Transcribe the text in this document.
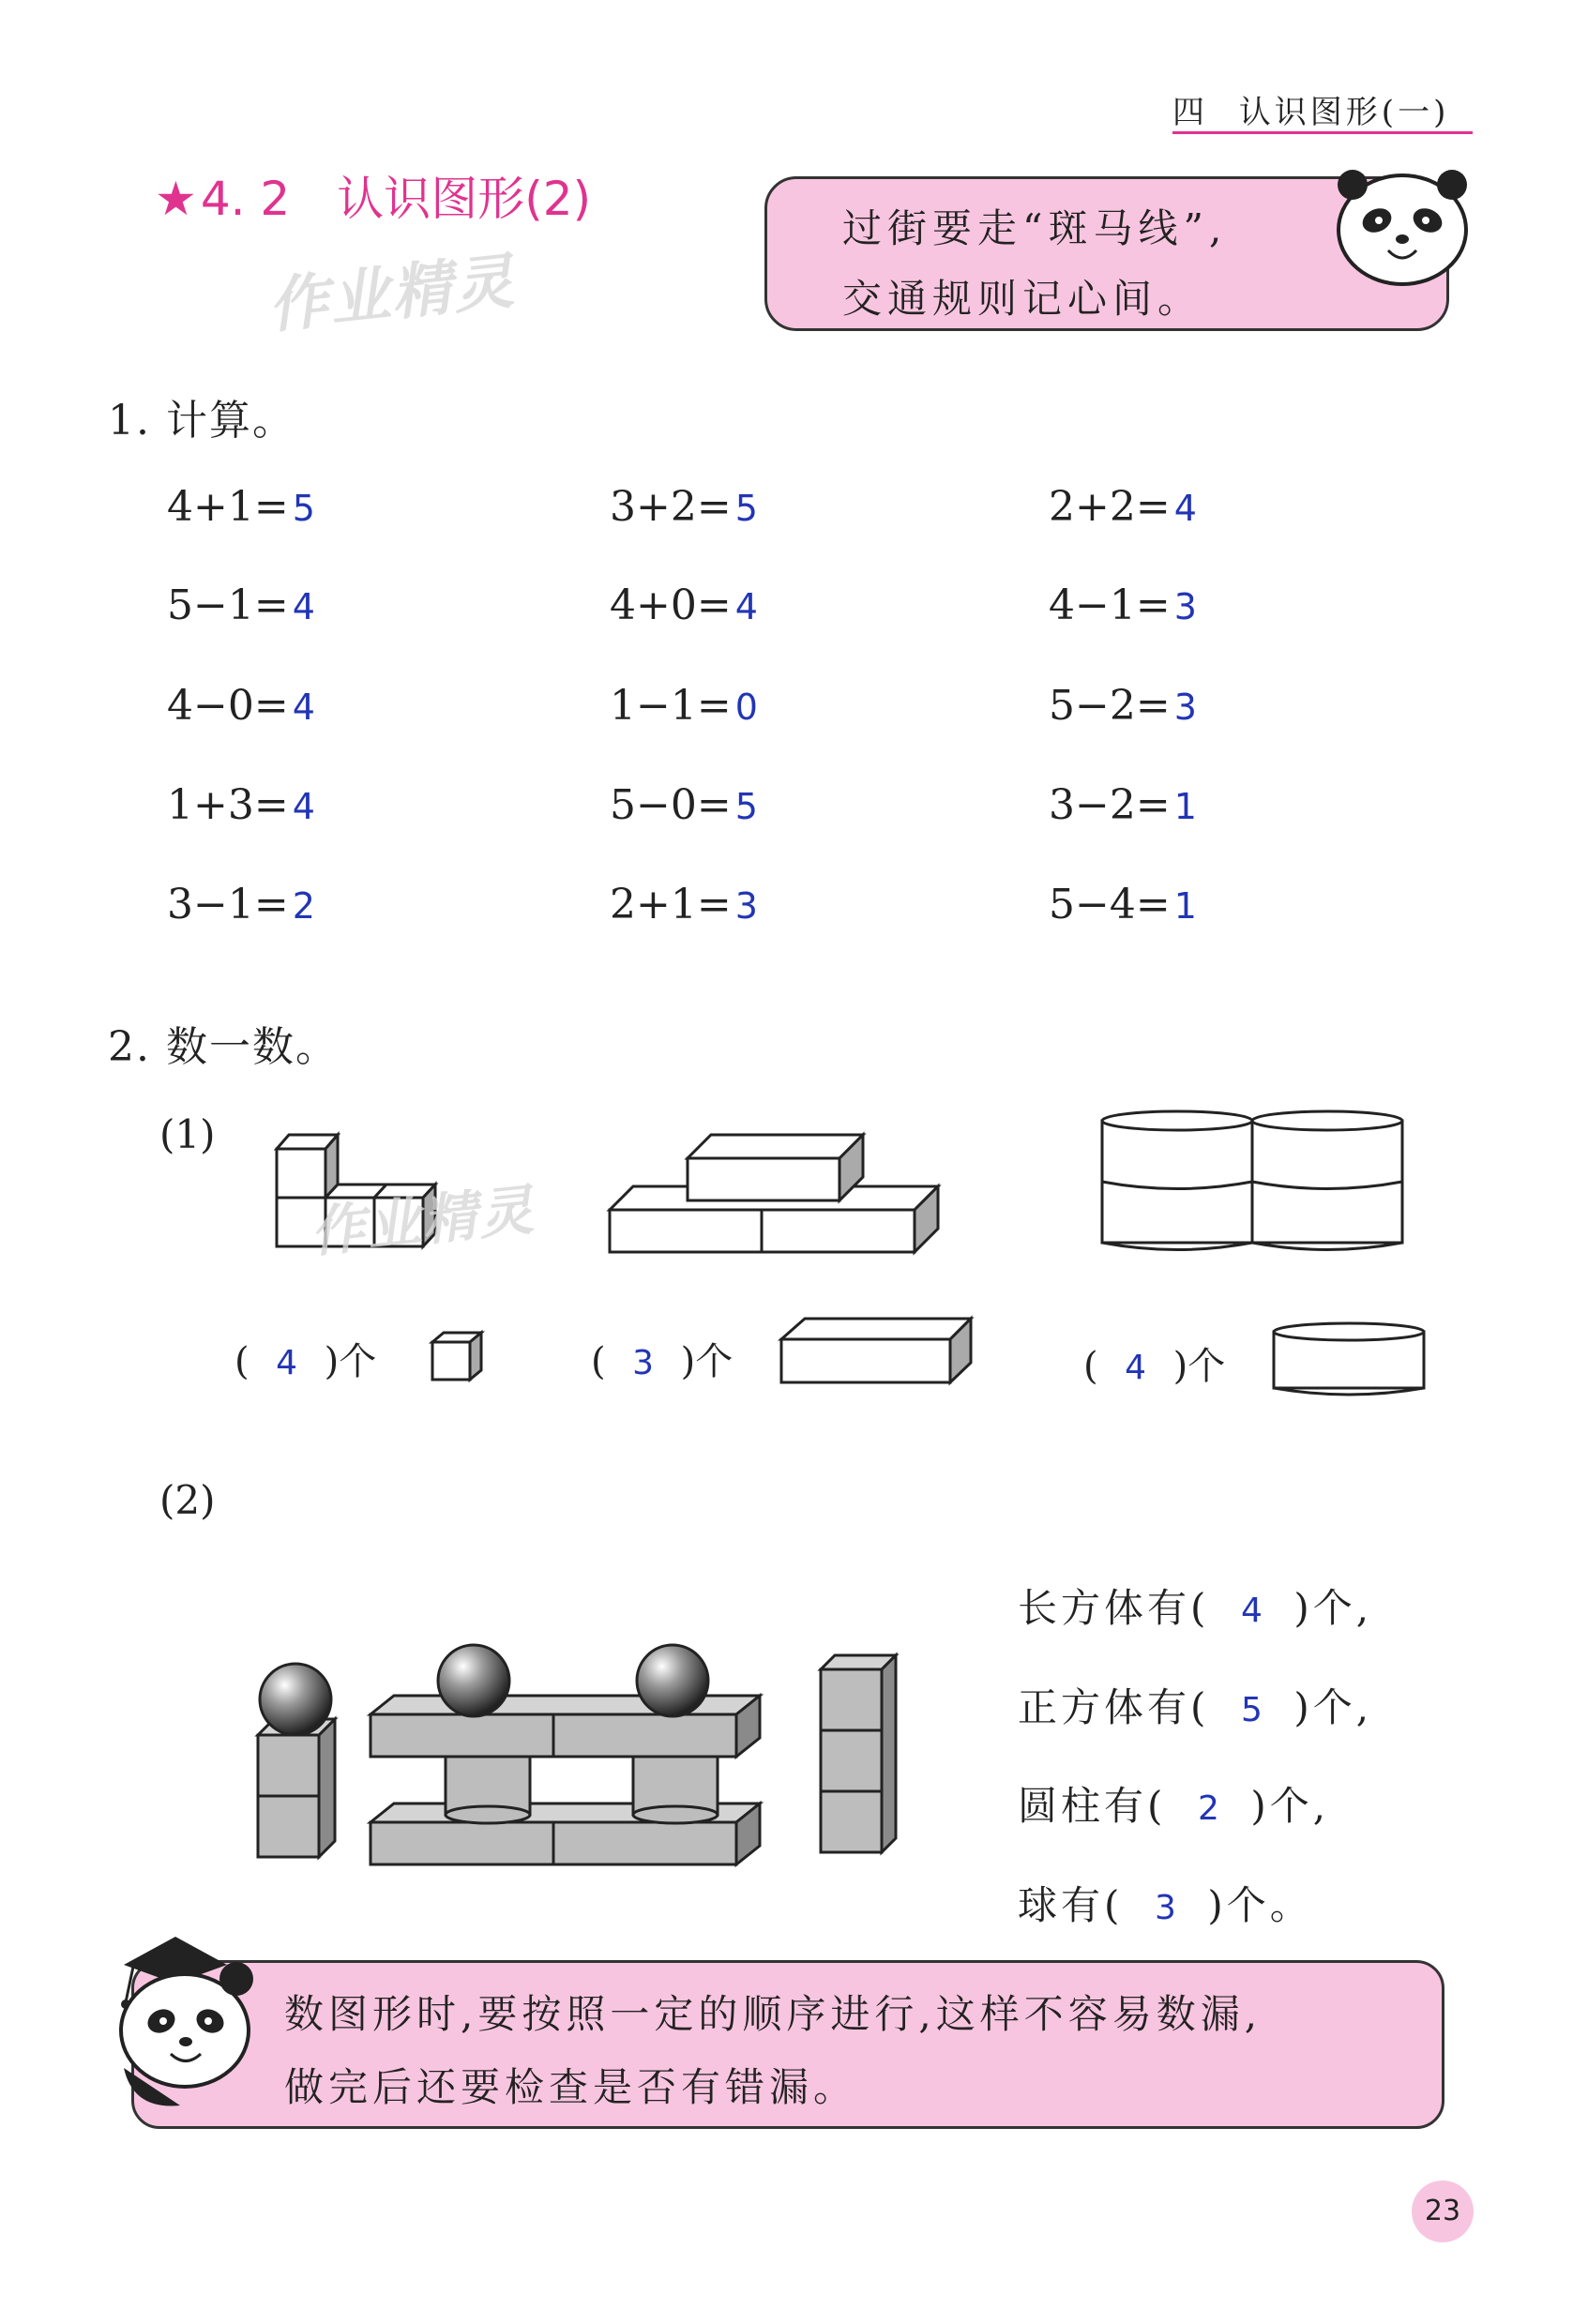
四 认识图形(一)
★4. 2 认识图形(2)
作业精灵
过街要走“斑马线”,
交通规则记心间。
1. 计算。
4+1= 5	3+2= 5	2+2= 4
5−1= 4	4+0= 4	4−1= 3
4−0= 4	1−1= 0	5−2= 3
1+3= 4	5−0= 5	3−2= 1
3−1= 2	2+1= 3	5−4= 1
2. 数一数。
(1)
作业精灵
( 4 )个	( 3 )个	( 4 )个
(2)
长方体有( 4 )个,
正方体有( 5 )个,
圆柱有( 2 )个,
球有( 3 )个。
数图形时,要按照一定的顺序进行,这样不容易数漏,
做完后还要检查是否有错漏。
23
